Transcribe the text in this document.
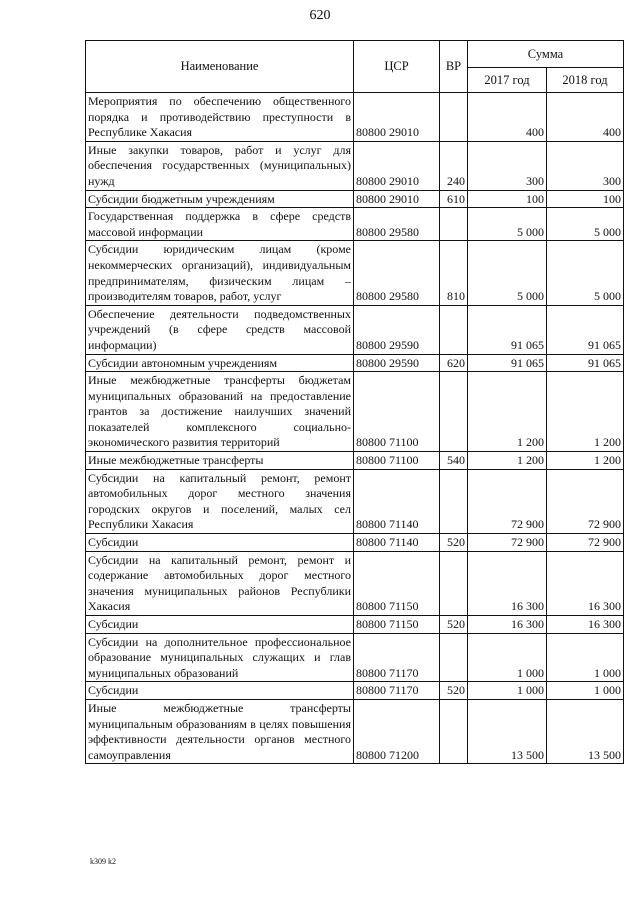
620
Наименование	ЦСР	ВР	Сумма	
			2017 год	2018 год
Мероприятия по обеспечению общественного порядка и противодействию преступности в Республике Хакасия	80800 29010		400	400
Иные закупки товаров, работ и услуг для обеспечения государственных (муниципальных) нужд	80800 29010	240	300	300
Субсидии бюджетным учреждениям	80800 29010	610	100	100
Государственная поддержка в сфере средств массовой информации	80800 29580		5 000	5 000
Субсидии юридическим лицам (кроме некоммерческих организаций), индивидуальным предпринимателям, физическим лицам – производителям товаров, работ, услуг	80800 29580	810	5 000	5 000
Обеспечение деятельности подведомственных учреждений (в сфере средств массовой информации)	80800 29590		91 065	91 065
Субсидии автономным учреждениям	80800 29590	620	91 065	91 065
Иные межбюджетные трансферты бюджетам муниципальных образований на предоставление грантов за достижение наилучших значений показателей комплексного социально-экономического развития территорий	80800 71100		1 200	1 200
Иные межбюджетные трансферты	80800 71100	540	1 200	1 200
Субсидии на капитальный ремонт, ремонт автомобильных дорог местного значения городских округов и поселений, малых сел Республики Хакасия	80800 71140		72 900	72 900
Субсидии	80800 71140	520	72 900	72 900
Субсидии на капитальный ремонт, ремонт и содержание автомобильных дорог местного значения муниципальных районов Республики Хакасия	80800 71150		16 300	16 300
Субсидии	80800 71150	520	16 300	16 300
Субсидии на дополнительное профессиональное образование муниципальных служащих и глав муниципальных образований	80800 71170		1 000	1 000
Субсидии	80800 71170	520	1 000	1 000
Иные межбюджетные трансферты муниципальным образованиям в целях повышения эффективности деятельности органов местного самоуправления	80800 71200		13 500	13 500
k309 k2
